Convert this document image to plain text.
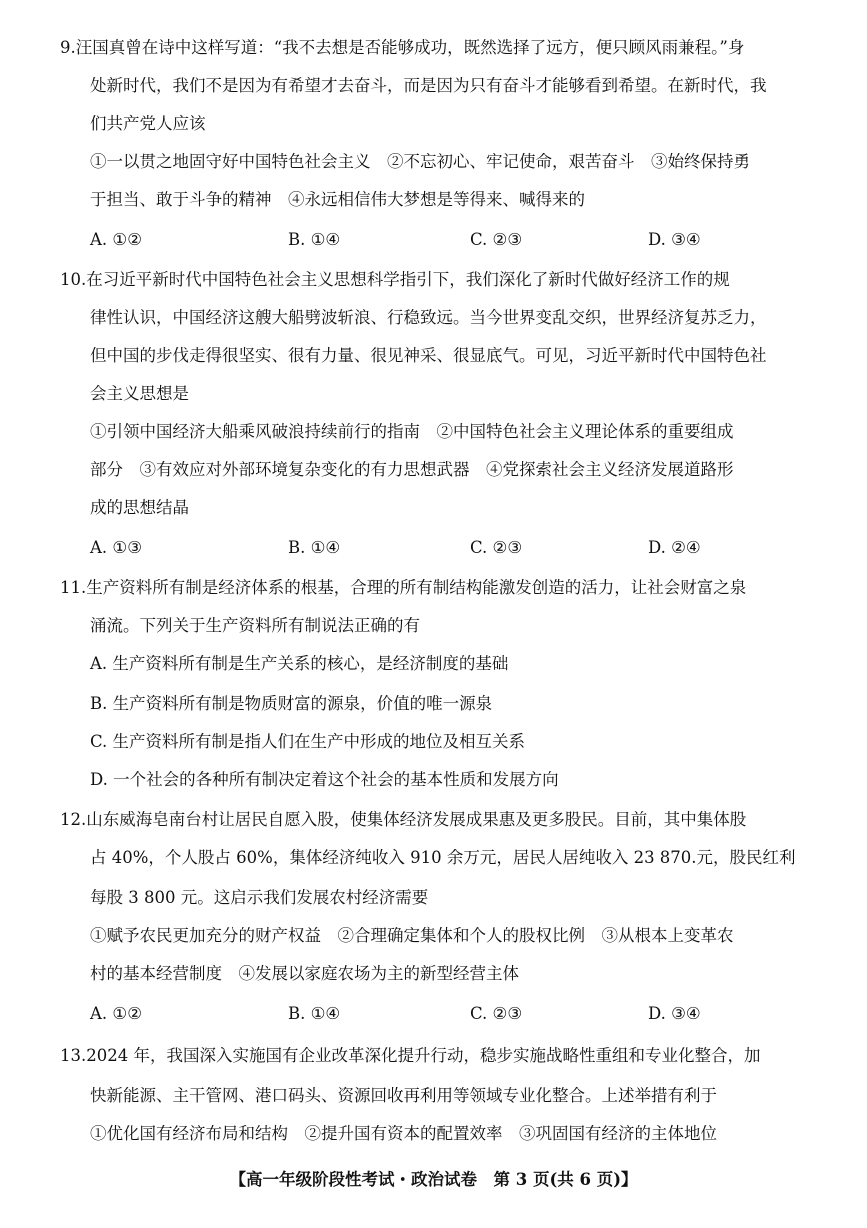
9.汪国真曾在诗中这样写道：“我不去想是否能够成功，既然选择了远方，便只顾风雨兼程。”身
处新时代，我们不是因为有希望才去奋斗，而是因为只有奋斗才能够看到希望。在新时代，我
们共产党人应该
①一以贯之地固守好中国特色社会主义　②不忘初心、牢记使命，艰苦奋斗　③始终保持勇
于担当、敢于斗争的精神　④永远相信伟大梦想是等得来、喊得来的
A. ①②	B. ①④	C. ②③	D. ③④
10.在习近平新时代中国特色社会主义思想科学指引下，我们深化了新时代做好经济工作的规
律性认识，中国经济这艘大船劈波斩浪、行稳致远。当今世界变乱交织，世界经济复苏乏力，
但中国的步伐走得很坚实、很有力量、很见神采、很显底气。可见，习近平新时代中国特色社
会主义思想是
①引领中国经济大船乘风破浪持续前行的指南　②中国特色社会主义理论体系的重要组成
部分　③有效应对外部环境复杂变化的有力思想武器　④党探索社会主义经济发展道路形
成的思想结晶
A. ①③	B. ①④	C. ②③	D. ②④
11.生产资料所有制是经济体系的根基，合理的所有制结构能激发创造的活力，让社会财富之泉
涌流。下列关于生产资料所有制说法正确的有
A. 生产资料所有制是生产关系的核心，是经济制度的基础
B. 生产资料所有制是物质财富的源泉，价值的唯一源泉
C. 生产资料所有制是指人们在生产中形成的地位及相互关系
D. 一个社会的各种所有制决定着这个社会的基本性质和发展方向
12.山东威海皂南台村让居民自愿入股，使集体经济发展成果惠及更多股民。目前，其中集体股
占 40%，个人股占 60%，集体经济纯收入 910 余万元，居民人居纯收入 23 870.元，股民红利
每股 3 800 元。这启示我们发展农村经济需要
①赋予农民更加充分的财产权益　②合理确定集体和个人的股权比例　③从根本上变革农
村的基本经营制度　④发展以家庭农场为主的新型经营主体
A. ①②	B. ①④	C. ②③	D. ③④
13.2024 年，我国深入实施国有企业改革深化提升行动，稳步实施战略性重组和专业化整合，加
快新能源、主干管网、港口码头、资源回收再利用等领域专业化整合。上述举措有利于
①优化国有经济布局和结构　②提升国有资本的配置效率　③巩固国有经济的主体地位
【高一年级阶段性考试・政治试卷　第 3 页(共 6 页)】
